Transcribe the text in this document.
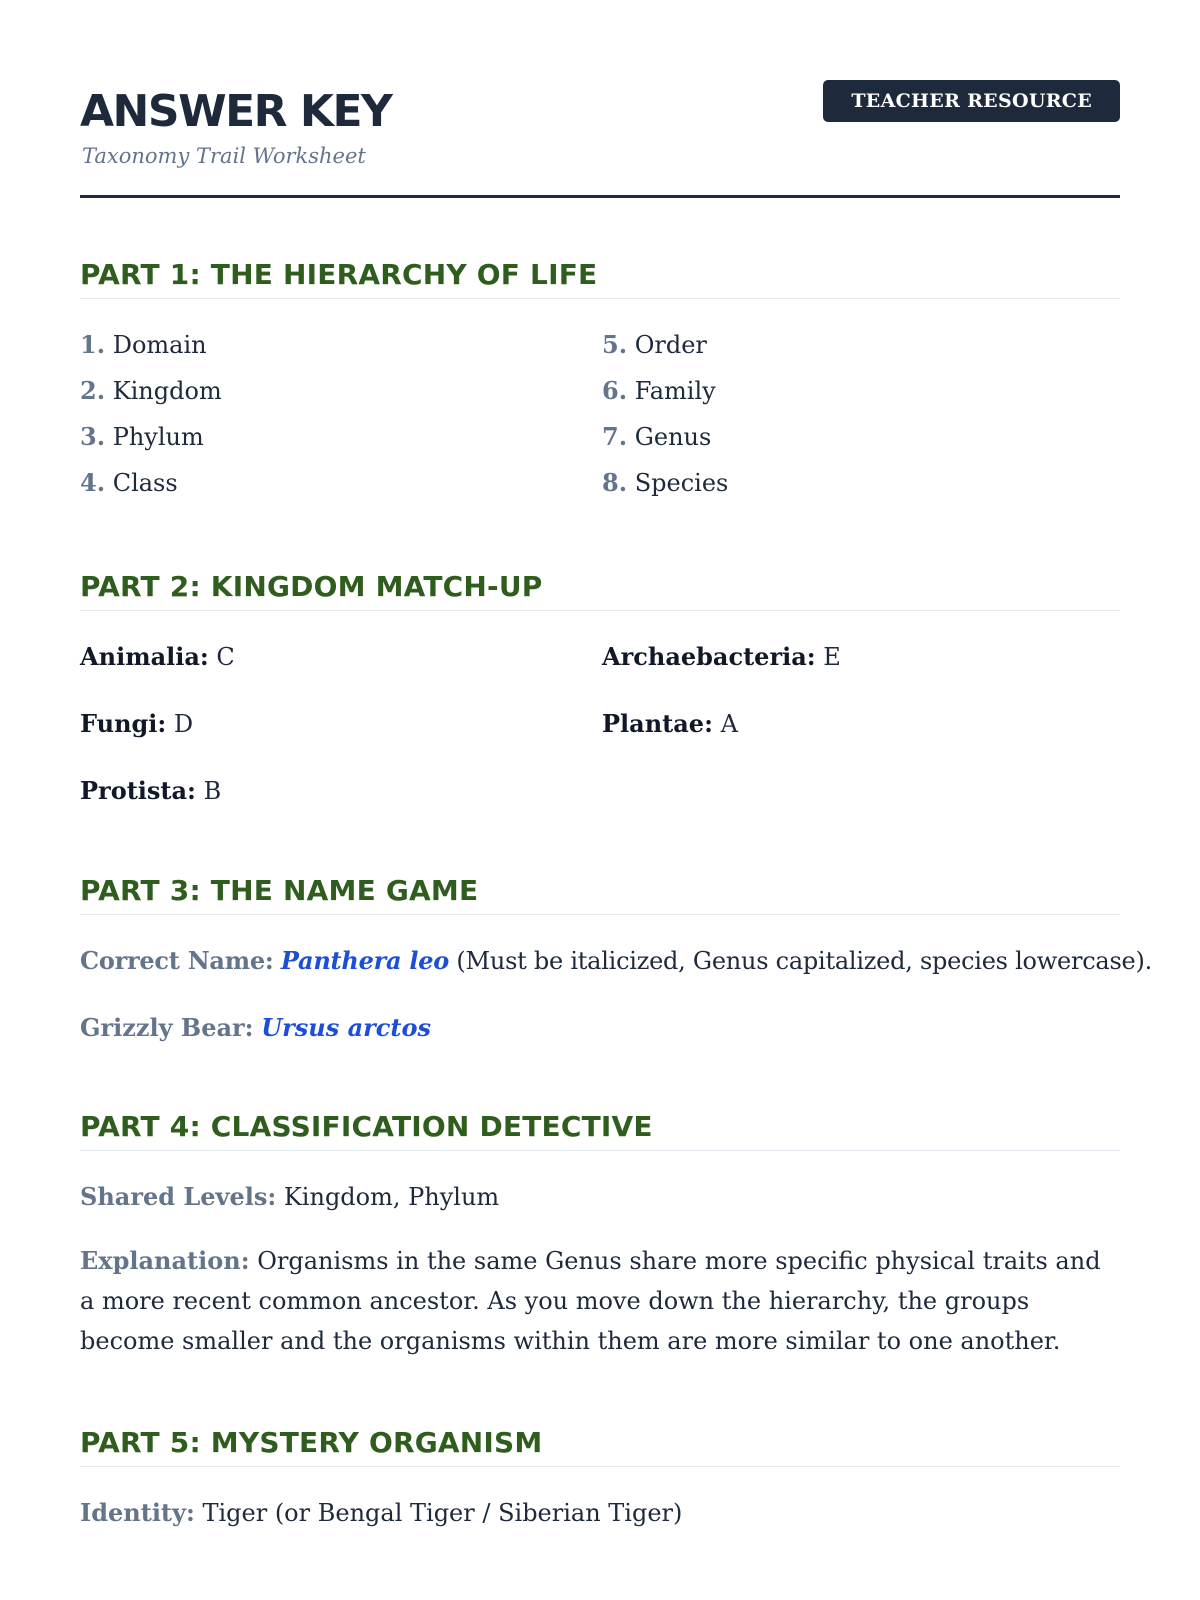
ANSWER KEY
Taxonomy Trail Worksheet
TEACHER RESOURCE
PART 1: THE HIERARCHY OF LIFE
1. Domain
2. Kingdom
3. Phylum
4. Class
5. Order
6. Family
7. Genus
8. Species
PART 2: KINGDOM MATCH-UP
Animalia: C	Archaebacteria: E
Fungi: D	Plantae: A
Protista: B
PART 3: THE NAME GAME
Correct Name: Panthera leo (Must be italicized, Genus capitalized, species lowercase).
Grizzly Bear: Ursus arctos
PART 4: CLASSIFICATION DETECTIVE
Shared Levels: Kingdom, Phylum
Explanation: Organisms in the same Genus share more specific physical traits and a more recent common ancestor. As you move down the hierarchy, the groups become smaller and the organisms within them are more similar to one another.
PART 5: MYSTERY ORGANISM
Identity: Tiger (or Bengal Tiger / Siberian Tiger)
